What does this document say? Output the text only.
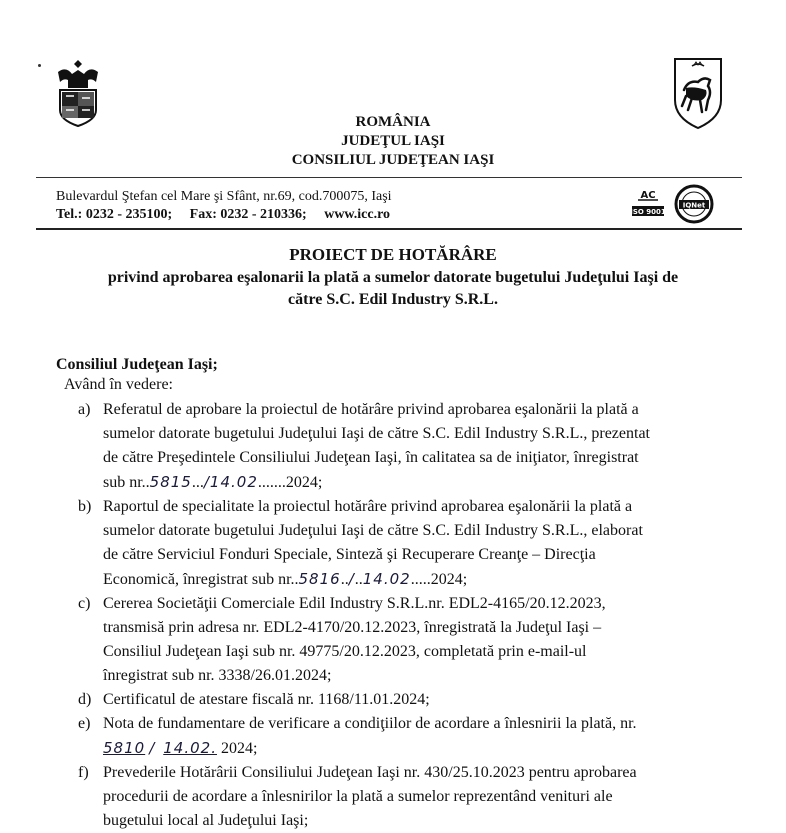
ROMÂNIA
JUDEŢUL IAŞI
CONSILIUL JUDEŢEAN IAŞI
Bulevardul Ştefan cel Mare şi Sfânt, nr.69, cod.700075, Iaşi
Tel.: 0232 - 235100; Fax: 0232 - 210336; www.icc.ro
AC
ISO 9001
IQNet
PROIECT DE HOTĂRÂRE
privind aprobarea eşalonarii la plată a sumelor datorate bugetului Judeţului Iaşi de
către S.C. Edil Industry S.R.L.
Consiliul Judeţean Iaşi;
Având în vedere:
a) Referatul de aprobare la proiectul de hotărâre privind aprobarea eşalonării la plată a
sumelor datorate bugetului Judeţului Iaşi de către S.C. Edil Industry S.R.L., prezentat
de către Preşedintele Consiliului Judeţean Iaşi, în calitatea sa de iniţiator, înregistrat
sub nr..5815.../14.02.......2024;
b) Raportul de specialitate la proiectul hotărâre privind aprobarea eşalonării la plată a
sumelor datorate bugetului Judeţului Iaşi de către S.C. Edil Industry S.R.L., elaborat
de către Serviciul Fonduri Speciale, Sinteză şi Recuperare Creanţe – Direcţia
Economică, înregistrat sub nr..5816../..14.02.....2024;
c) Cererea Societăţii Comerciale Edil Industry S.R.L.nr. EDL2-4165/20.12.2023,
transmisă prin adresa nr. EDL2-4170/20.12.2023, înregistrată la Judeţul Iaşi –
Consiliul Judeţean Iaşi sub nr. 49775/20.12.2023, completată prin e-mail-ul
înregistrat sub nr. 3338/26.01.2024;
d) Certificatul de atestare fiscală nr. 1168/11.01.2024;
e) Nota de fundamentare de verificare a condiţiilor de acordare a înlesnirii la plată, nr.
5810 / 14.02. 2024;
f) Prevederile Hotărârii Consiliului Judeţean Iaşi nr. 430/25.10.2023 pentru aprobarea
procedurii de acordare a înlesnirilor la plată a sumelor reprezentând venituri ale
bugetului local al Judeţului Iaşi;
